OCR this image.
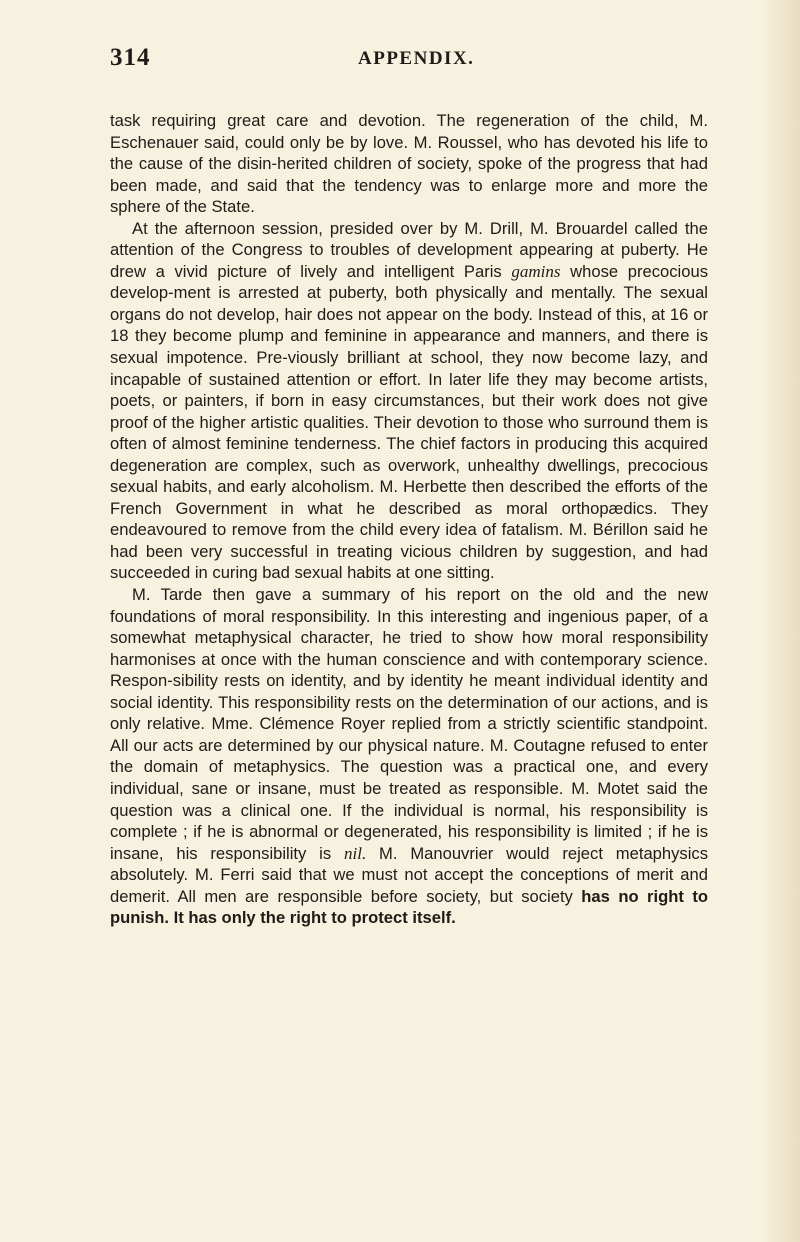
314	APPENDIX.

task requiring great care and devotion. The regeneration of the child, M. Eschenauer said, could only be by love. M. Roussel, who has devoted his life to the cause of the disin-herited children of society, spoke of the progress that had been made, and said that the tendency was to enlarge more and more the sphere of the State.

At the afternoon session, presided over by M. Drill, M. Brouardel called the attention of the Congress to troubles of development appearing at puberty. He drew a vivid picture of lively and intelligent Paris gamins whose precocious develop-ment is arrested at puberty, both physically and mentally. The sexual organs do not develop, hair does not appear on the body. Instead of this, at 16 or 18 they become plump and feminine in appearance and manners, and there is sexual impotence. Pre-viously brilliant at school, they now become lazy, and incapable of sustained attention or effort. In later life they may become artists, poets, or painters, if born in easy circumstances, but their work does not give proof of the higher artistic qualities. Their devotion to those who surround them is often of almost feminine tenderness. The chief factors in producing this acquired degeneration are complex, such as overwork, unhealthy dwellings, precocious sexual habits, and early alcoholism. M. Herbette then described the efforts of the French Government in what he described as moral orthopædics. They endeavoured to remove from the child every idea of fatalism. M. Bérillon said he had been very successful in treating vicious children by suggestion, and had succeeded in curing bad sexual habits at one sitting.

M. Tarde then gave a summary of his report on the old and the new foundations of moral responsibility. In this interesting and ingenious paper, of a somewhat metaphysical character, he tried to show how moral responsibility harmonises at once with the human conscience and with contemporary science. Respon-sibility rests on identity, and by identity he meant individual identity and social identity. This responsibility rests on the determination of our actions, and is only relative. Mme. Clémence Royer replied from a strictly scientific standpoint. All our acts are determined by our physical nature. M. Coutagne refused to enter the domain of metaphysics. The question was a practical one, and every individual, sane or insane, must be treated as responsible. M. Motet said the question was a clinical one. If the individual is normal, his responsibility is complete ; if he is abnormal or degenerated, his responsibility is limited ; if he is insane, his responsibility is nil. M. Manouvrier would reject metaphysics absolutely. M. Ferri said that we must not accept the conceptions of merit and demerit. All men are responsible before society, but society has no right to punish. It has only the right to protect itself.
